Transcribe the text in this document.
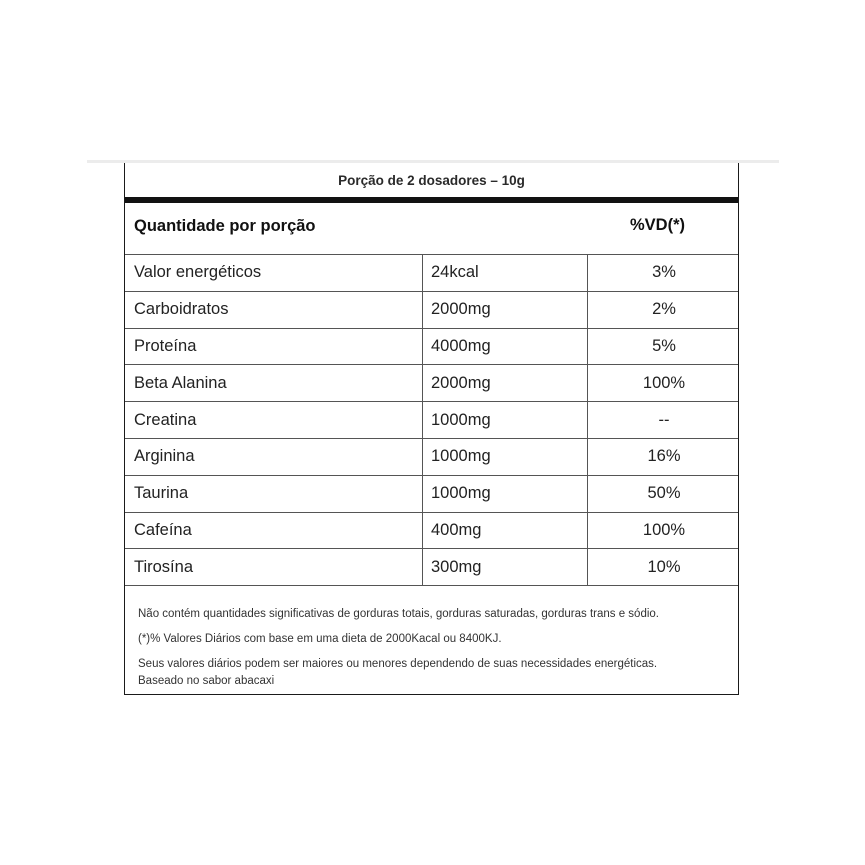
Porção de 2 dosadores – 10g
Quantidade por porção	%VD(*)
Valor energéticos	24kcal	3%
Carboidratos	2000mg	2%
Proteína	4000mg	5%
Beta Alanina	2000mg	100%
Creatina	1000mg	--
Arginina	1000mg	16%
Taurina	1000mg	50%
Cafeína	400mg	100%
Tirosína	300mg	10%

Não contém quantidades significativas de gorduras totais, gorduras saturadas, gorduras trans e sódio.

(*)% Valores Diários com base em uma dieta de 2000Kacal ou 8400KJ.

Seus valores diários podem ser maiores ou menores dependendo de suas necessidades energéticas.

Baseado no sabor abacaxi
